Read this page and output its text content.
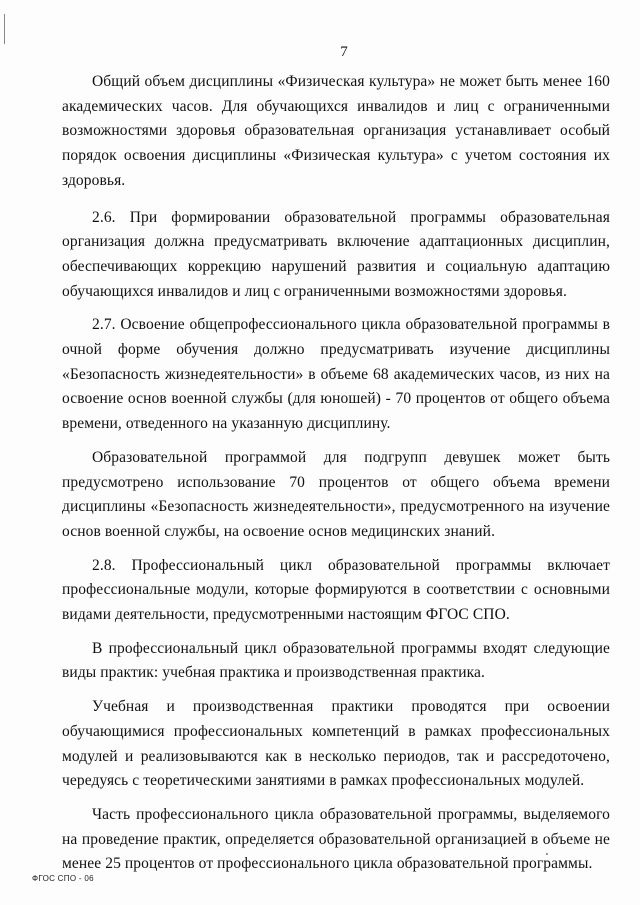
7

Общий объем дисциплины «Физическая культура» не может быть менее 160 академических часов. Для обучающихся инвалидов и лиц с ограниченными возможностями здоровья образовательная организация устанавливает особый порядок освоения дисциплины «Физическая культура» с учетом состояния их здоровья.

2.6. При формировании образовательной программы образовательная организация должна предусматривать включение адаптационных дисциплин, обеспечивающих коррекцию нарушений развития и социальную адаптацию обучающихся инвалидов и лиц с ограниченными возможностями здоровья.

2.7. Освоение общепрофессионального цикла образовательной программы в очной форме обучения должно предусматривать изучение дисциплины «Безопасность жизнедеятельности» в объеме 68 академических часов, из них на освоение основ военной службы (для юношей) - 70 процентов от общего объема времени, отведенного на указанную дисциплину.

Образовательной программой для подгрупп девушек может быть предусмотрено использование 70 процентов от общего объема времени дисциплины «Безопасность жизнедеятельности», предусмотренного на изучение основ военной службы, на освоение основ медицинских знаний.

2.8. Профессиональный цикл образовательной программы включает профессиональные модули, которые формируются в соответствии с основными видами деятельности, предусмотренными настоящим ФГОС СПО.

В профессиональный цикл образовательной программы входят следующие виды практик: учебная практика и производственная практика.

Учебная и производственная практики проводятся при освоении обучающимися профессиональных компетенций в рамках профессиональных модулей и реализовываются как в несколько периодов, так и рассредоточено, чередуясь с теоретическими занятиями в рамках профессиональных модулей.

Часть профессионального цикла образовательной программы, выделяемого на проведение практик, определяется образовательной организацией в объеме не менее 25 процентов от профессионального цикла образовательной программы.

ФГОС СПО - 06
